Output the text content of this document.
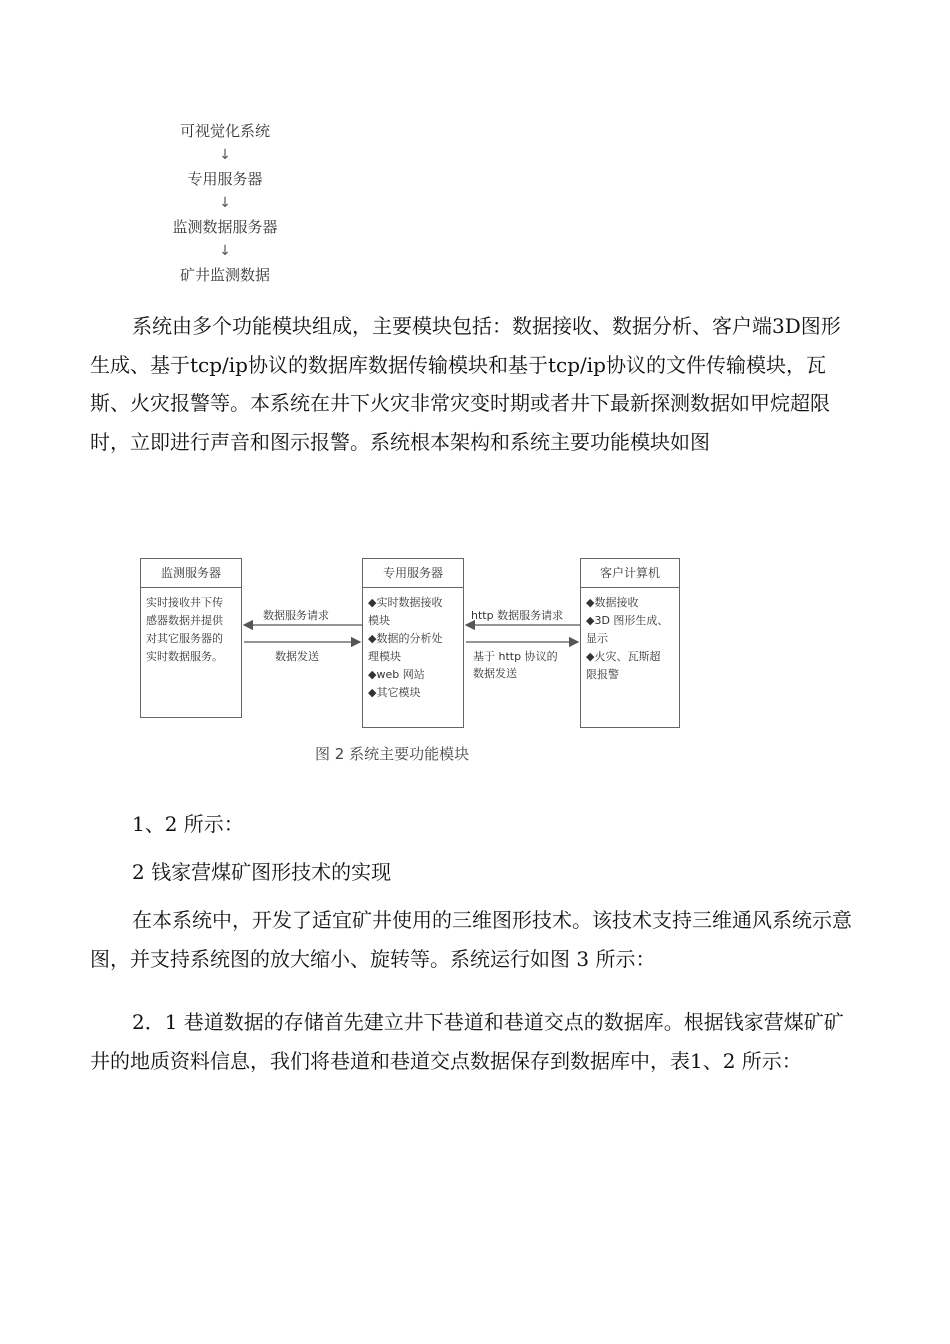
可视觉化系统
↓
专用服务器
↓
监测数据服务器
↓
矿井监测数据

系统由多个功能模块组成，主要模块包括：数据接收、数据分析、客户端3D图形生成、基于tcp/ip协议的数据库数据传输模块和基于tcp/ip协议的文件传输模块，瓦斯、火灾报警等。本系统在井下火灾非常灾变时期或者井下最新探测数据如甲烷超限时，立即进行声音和图示报警。系统根本架构和系统主要功能模块如图

监测服务器
实时接收井下传
感器数据并提供
对其它服务器的
实时数据服务。
专用服务器
◆实时数据接收
模块
◆数据的分析处
理模块
◆web 网站
◆其它模块
客户计算机
◆数据接收
◆3D 图形生成、
显示
◆火灾、瓦斯超
限报警
数据服务请求
数据发送
http 数据服务请求
基于 http 协议的
数据发送
图 2 系统主要功能模块

1、2 所示：

2 钱家营煤矿图形技术的实现

在本系统中，开发了适宜矿井使用的三维图形技术。该技术支持三维通风系统示意图，并支持系统图的放大缩小、旋转等。系统运行如图 3 所示：

2．1 巷道数据的存储首先建立井下巷道和巷道交点的数据库。根据钱家营煤矿矿井的地质资料信息，我们将巷道和巷道交点数据保存到数据库中，表1、2 所示：
